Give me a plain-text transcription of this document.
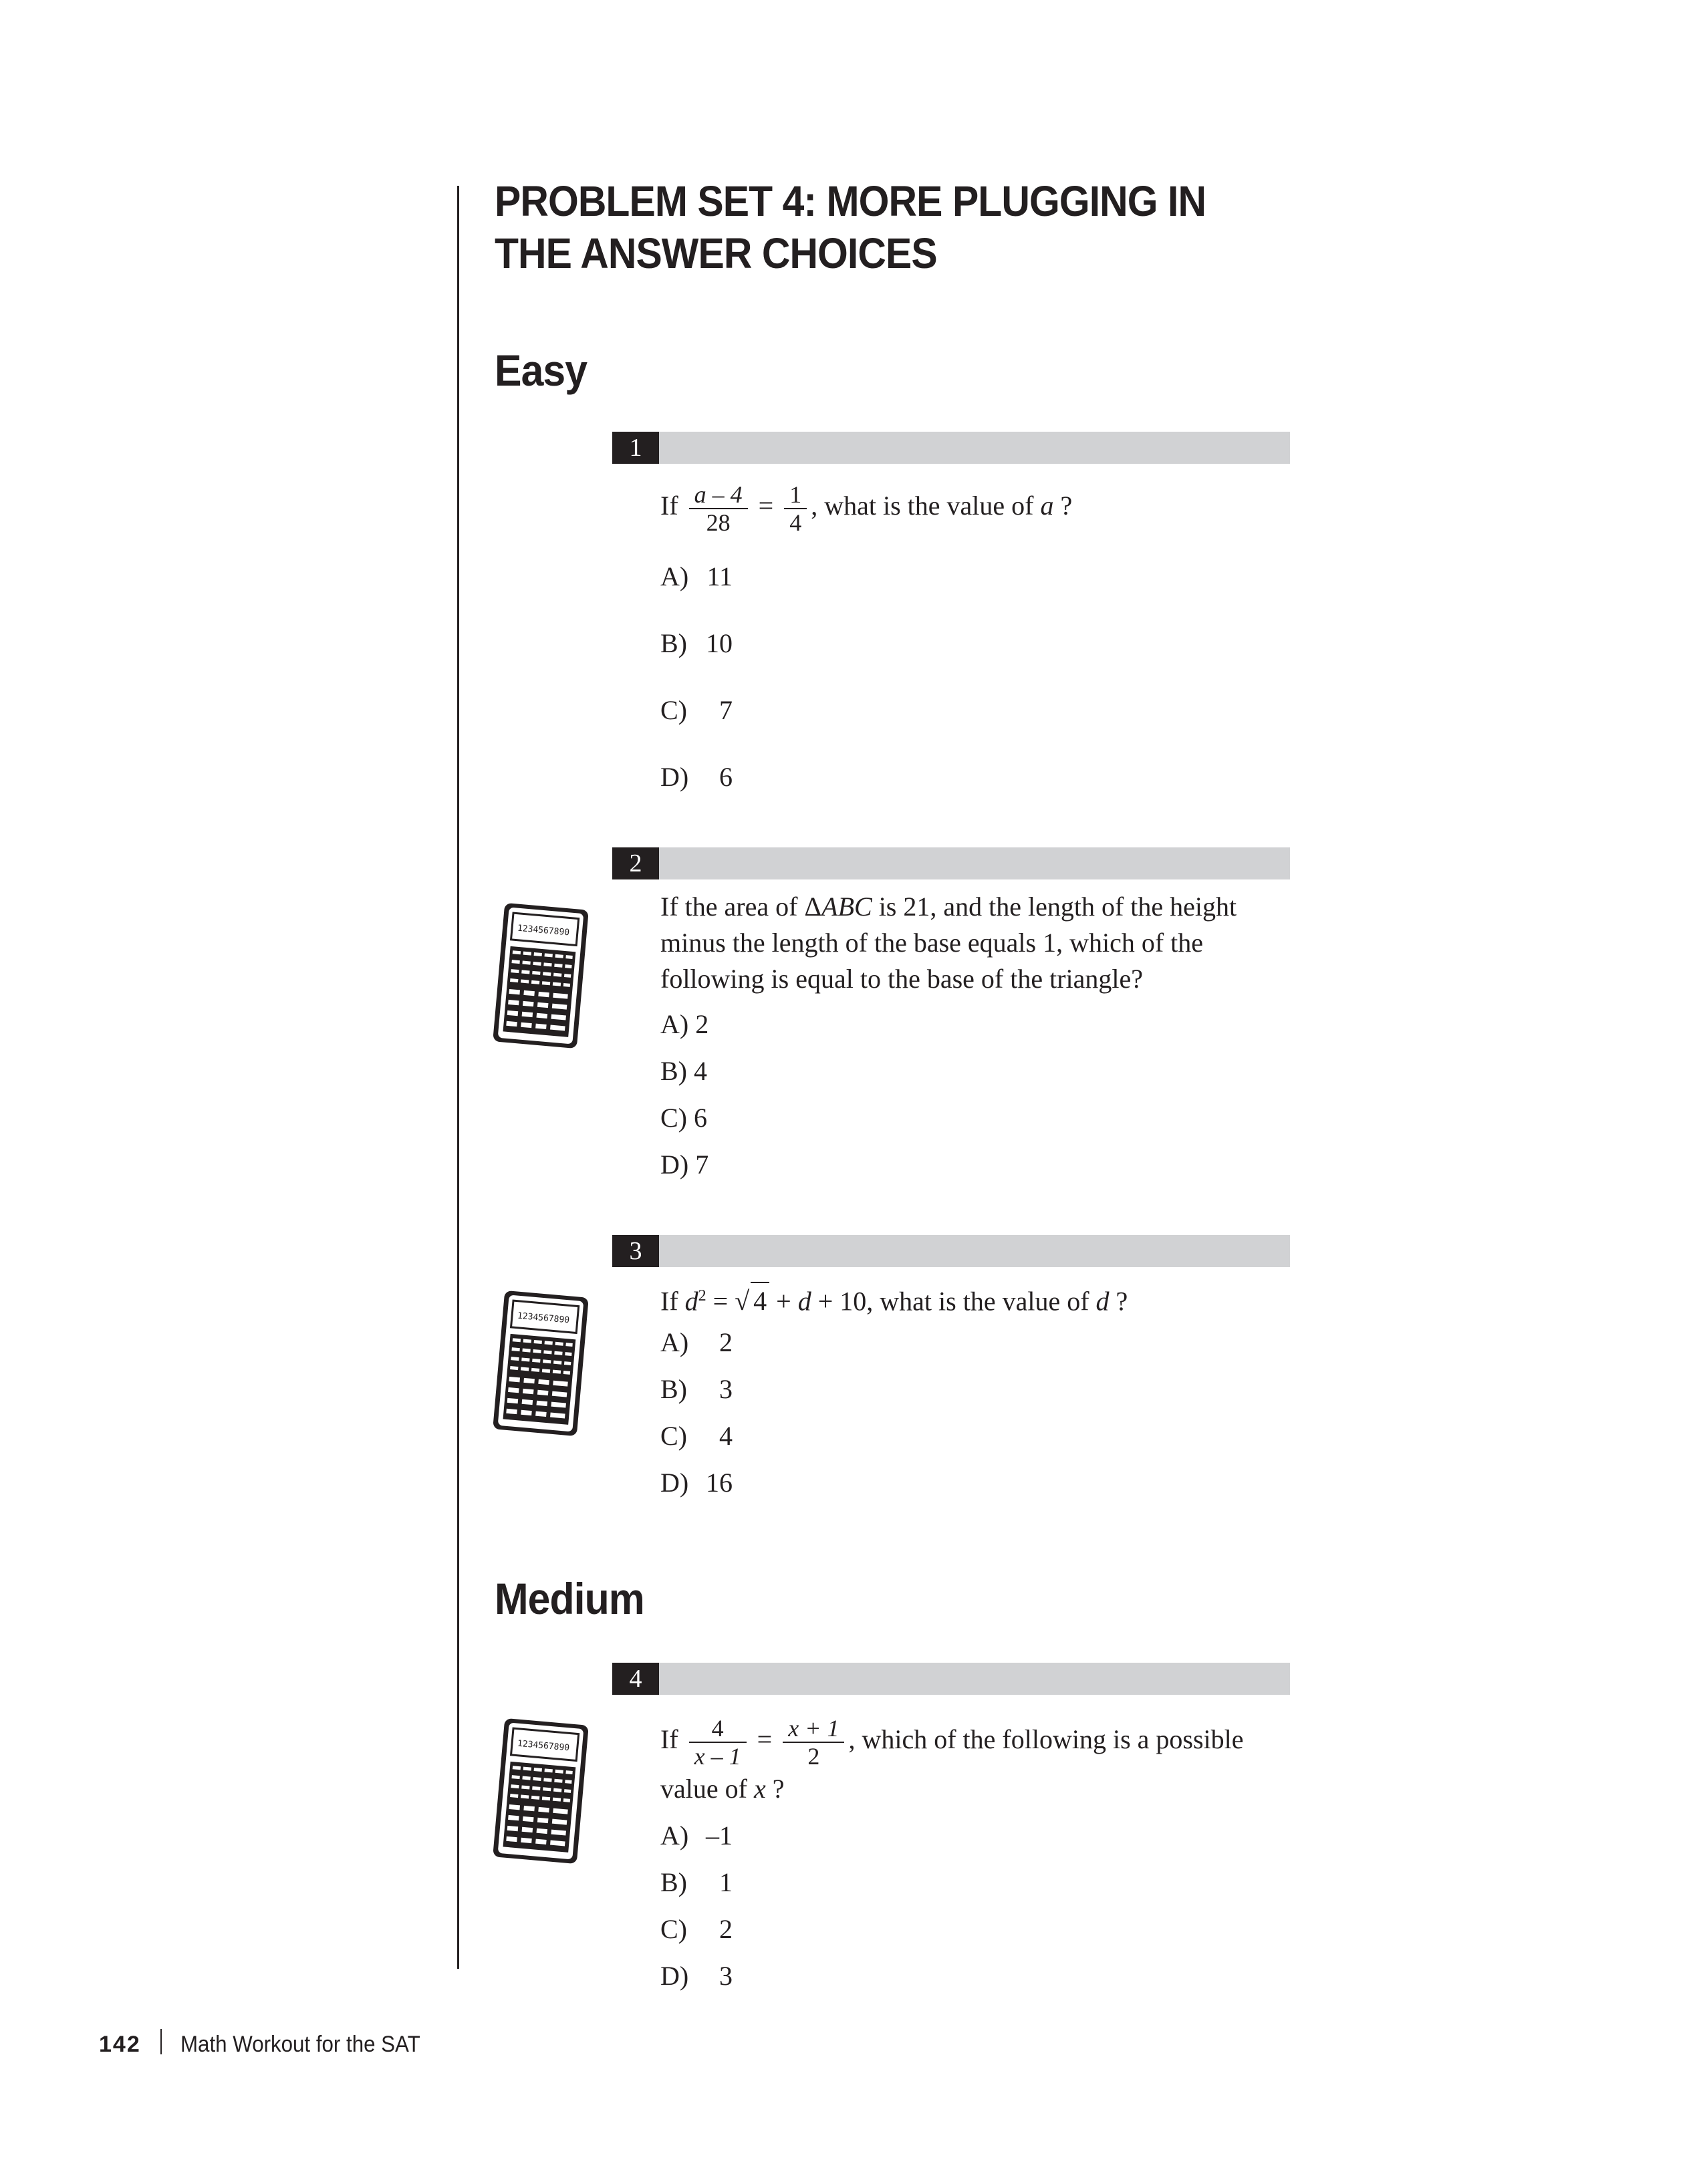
PROBLEM SET 4: MORE PLUGGING IN
THE ANSWER CHOICES
Easy
1
If $\frac{a - 4}{28} = \frac{1}{4}$ , what is the value of a ?
A) 11
B) 10
C) 7
D) 6
2
1234567890
If the area of ΔABC is 21, and the length of the height
minus the length of the base equals 1, which of the
following is equal to the base of the triangle?
A) 2
B) 4
C) 6
D) 7
3
1234567890
If $d^2$ = √ 4 + d + 10, what is the value of d ?
A) 2
B) 3
C) 4
D) 16
Medium
4
1234567890	If $\frac{4}{x - 1} = \frac{x + 1}{2}$ , which of the following is a possible
value of x ?
A) –1
B) 1
C) 2
D) 3
142 Math Workout for the SAT
